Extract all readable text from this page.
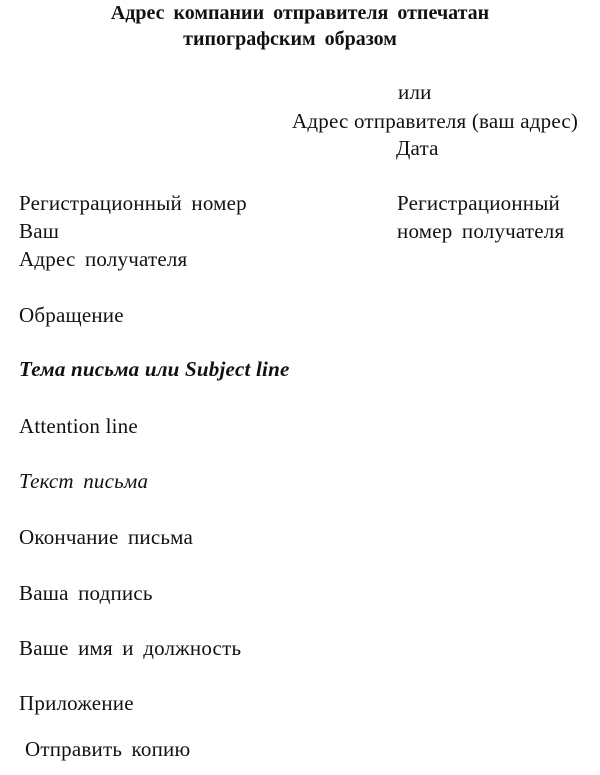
Адрес компании отправителя отпечатан
типографским образом
или
Адрес отправителя (ваш адрес)
Дата
Регистрационный номер
Ваш
Регистрационный
номер получателя
Адрес получателя
Обращение
Тема письма или Subject line
Attention line
Текст письма
Окончание письма
Ваша подпись
Ваше имя и должность
Приложение
Отправить копию
